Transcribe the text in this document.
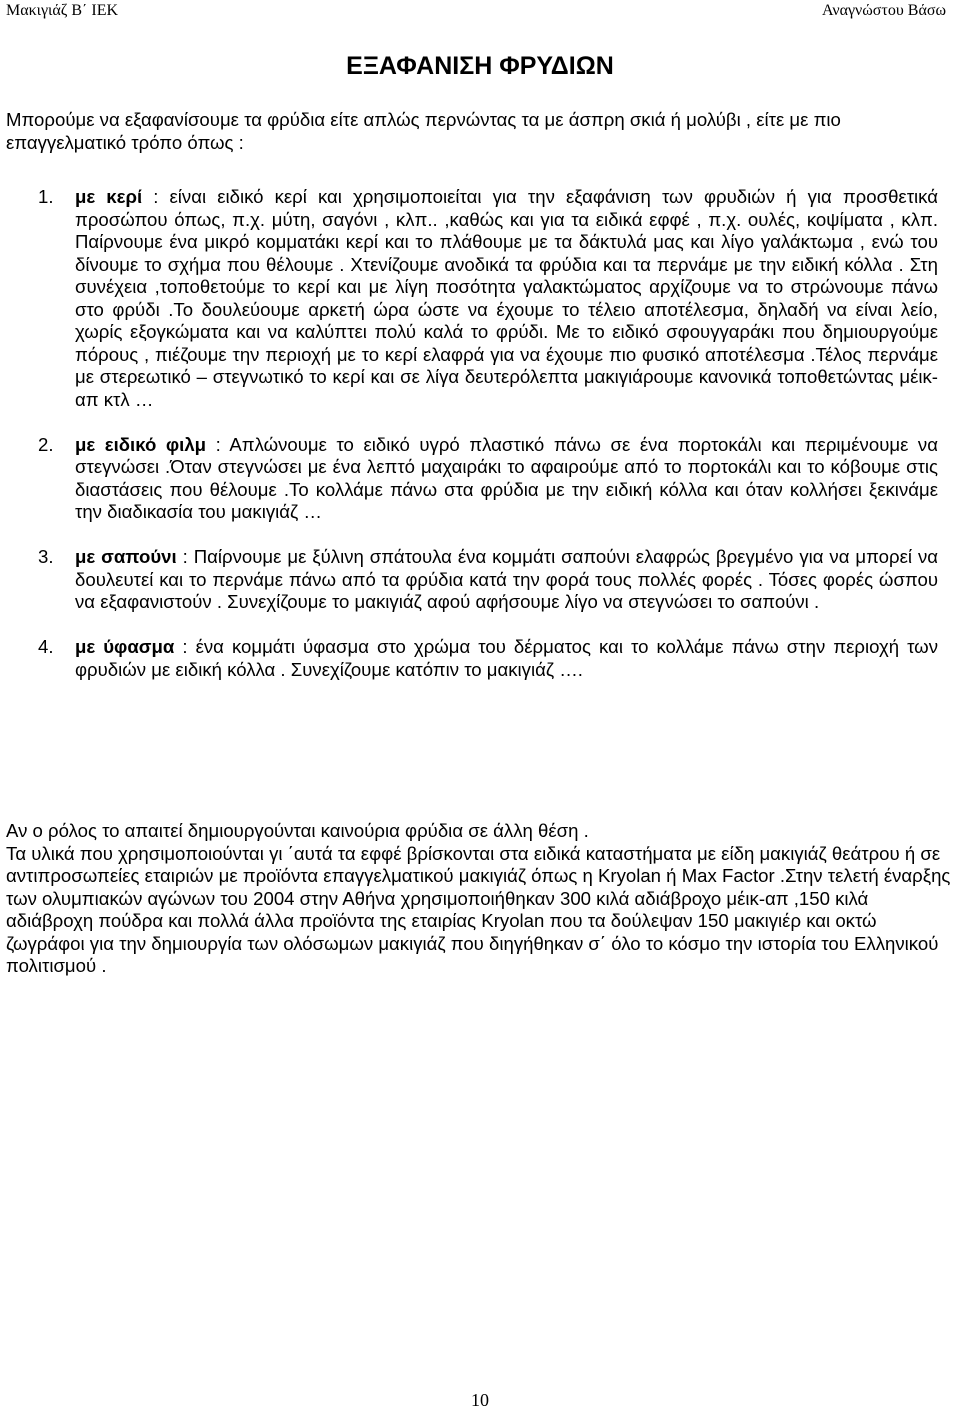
Μακιγιάζ Β΄ ΙΕΚ	Αναγνώστου Βάσω
ΕΞΑΦΑΝΙΣΗ ΦΡΥΔΙΩΝ
Μπορούμε να εξαφανίσουμε τα φρύδια είτε απλώς περνώντας τα με άσπρη σκιά ή μολύβι , είτε με πιο επαγγελματικό τρόπο όπως :
1. με κερί : είναι ειδικό κερί και χρησιμοποιείται για την εξαφάνιση των φρυδιών ή για προσθετικά προσώπου όπως, π.χ. μύτη, σαγόνι , κλπ.. ,καθώς και για τα ειδικά εφφέ , π.χ. ουλές, κοψίματα , κλπ. Παίρνουμε ένα μικρό κομματάκι κερί και το πλάθουμε με τα δάκτυλά μας και λίγο γαλάκτωμα , ενώ του δίνουμε το σχήμα που θέλουμε . Χτενίζουμε ανοδικά τα φρύδια και τα περνάμε με την ειδική κόλλα . Στη συνέχεια ,τοποθετούμε το κερί και με λίγη ποσότητα γαλακτώματος αρχίζουμε να το στρώνουμε πάνω στο φρύδι .Το δουλεύουμε αρκετή ώρα ώστε να έχουμε το τέλειο αποτέλεσμα, δηλαδή να είναι λείο, χωρίς εξογκώματα και να καλύπτει πολύ καλά το φρύδι. Με το ειδικό σφουγγαράκι που δημιουργούμε πόρους , πιέζουμε την περιοχή με το κερί ελαφρά για να έχουμε πιο φυσικό αποτέλεσμα .Τέλος περνάμε με στερεωτικό – στεγνωτικό το κερί και σε λίγα δευτερόλεπτα μακιγιάρουμε κανονικά τοποθετώντας μέικ-απ κτλ …
2. με ειδικό φιλμ : Απλώνουμε το ειδικό υγρό πλαστικό πάνω σε ένα πορτοκάλι και περιμένουμε να στεγνώσει .Όταν στεγνώσει με ένα λεπτό μαχαιράκι το αφαιρούμε από το πορτοκάλι και το κόβουμε στις διαστάσεις που θέλουμε .Το κολλάμε πάνω στα φρύδια με την ειδική κόλλα και όταν κολλήσει ξεκινάμε την διαδικασία του μακιγιάζ …
3. με σαπούνι : Παίρνουμε με ξύλινη σπάτουλα ένα κομμάτι σαπούνι ελαφρώς βρεγμένο για να μπορεί να δουλευτεί και το περνάμε πάνω από τα φρύδια κατά την φορά τους πολλές φορές . Τόσες φορές ώσπου να εξαφανιστούν . Συνεχίζουμε το μακιγιάζ αφού αφήσουμε λίγο να στεγνώσει το σαπούνι .
4. με ύφασμα : ένα κομμάτι ύφασμα στο χρώμα του δέρματος και το κολλάμε πάνω στην περιοχή των φρυδιών με ειδική κόλλα . Συνεχίζουμε κατόπιν το μακιγιάζ ….
Αν ο ρόλος το απαιτεί δημιουργούνται καινούρια φρύδια σε άλλη θέση .
Τα υλικά που χρησιμοποιούνται γι ΄αυτά τα εφφέ βρίσκονται στα ειδικά καταστήματα με είδη μακιγιάζ θεάτρου ή σε αντιπροσωπείες εταιριών με προϊόντα επαγγελματικού μακιγιάζ όπως η Kryolan ή Max Factor .Στην τελετή έναρξης των ολυμπιακών αγώνων του 2004 στην Αθήνα χρησιμοποιήθηκαν 300 κιλά αδιάβροχο μέικ-απ ,150 κιλά αδιάβροχη πούδρα και πολλά άλλα προϊόντα της εταιρίας Kryolan που τα δούλεψαν 150 μακιγιέρ και οκτώ ζωγράφοι για την δημιουργία των ολόσωμων μακιγιάζ που διηγήθηκαν σ΄ όλο το κόσμο την ιστορία του Ελληνικού πολιτισμού .
10
